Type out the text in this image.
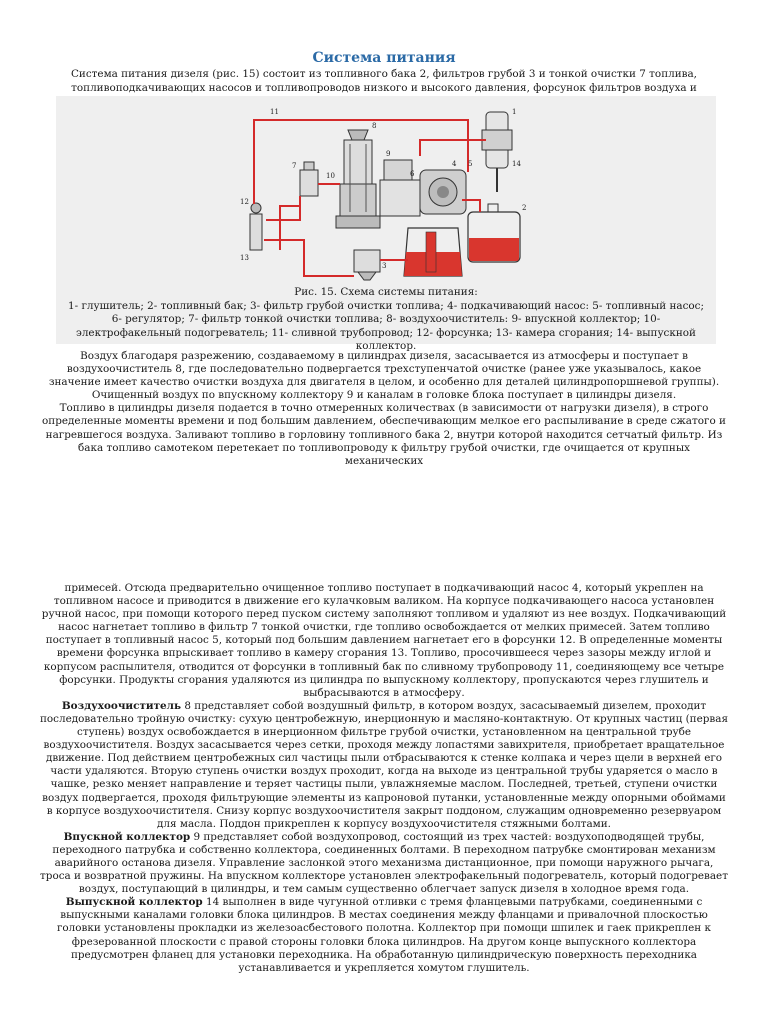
Система питания
Система питания дизеля (рис. 15) состоит из топливного бака 2, фильтров грубой 3 и тонкой очистки 7 топлива, топливоподкачивающих насосов и топливопроводов низкого и высокого давления, форсунок фильтров воздуха и
1
2
3
4 5
6
7
8
9
10
11
12
13
14
Рис. 15. Схема системы питания:
1- глушитель; 2- топливный бак; 3- фильтр грубой очистки топлива; 4- подкачивающий насос: 5- топливный насос; 6- регулятор; 7- фильтр тонкой очистки топлива; 8- воздухоочиститель: 9- впускной коллектор; 10- электрофакельный подогреватель; 11- сливной трубопровод; 12- форсунка; 13- камера сгорания; 14- выпускной коллектор.

Воздух благодаря разрежению, создаваемому в цилиндрах дизеля, засасывается из атмосферы и поступает в воздухоочиститель 8, где последовательно подвергается трехступенчатой очистке (ранее уже указывалось, какое значение имеет качество очистки воздуха для двигателя в целом, и особенно для деталей цилиндропоршневой группы). Очищенный воздух по впускному коллектору 9 и каналам в головке блока поступает в цилиндры дизеля.

Топливо в цилиндры дизеля подается в точно отмеренных количествах (в зависимости от нагрузки дизеля), в строго определенные моменты времени и под большим давлением, обеспечивающим мелкое его распыливание в среде сжатого и нагревшегося воздуха. Заливают топливо в горловину топливного бака 2, внутри которой находится сетчатый фильтр. Из бака топливо самотеком перетекает по топливопроводу к фильтру грубой очистки, где очищается от крупных механических

примесей. Отсюда предварительно очищенное топливо поступает в подкачивающий насос 4, который укреплен на топливном насосе и приводится в движение его кулачковым валиком. На корпусе подкачивающего насоса установлен ручной насос, при помощи которого перед пуском систему заполняют топливом и удаляют из нее воздух. Подкачивающий насос нагнетает топливо в фильтр 7 тонкой очистки, где топливо освобождается от мелких примесей. Затем топливо поступает в топливный насос 5, который под большим давлением нагнетает его в форсунки 12. В определенные моменты времени форсунка впрыскивает топливо в камеру сгорания 13. Топливо, просочившееся через зазоры между иглой и корпусом распылителя, отводится от форсунки в топливный бак по сливному трубопроводу 11, соединяющему все четыре форсунки. Продукты сгорания удаляются из цилиндра по выпускному коллектору, пропускаются через глушитель и выбрасываются в атмосферу.

Воздухоочиститель 8 представляет собой воздушный фильтр, в котором воздух, засасываемый дизелем, проходит последовательно тройную очистку: сухую центробежную, инерционную и масляно-контактную. От крупных частиц (первая ступень) воздух освобождается в инерционном фильтре грубой очистки, установленном на центральной трубе воздухоочистителя. Воздух засасывается через сетки, проходя между лопастями завихрителя, приобретает вращательное движение. Под действием центробежных сил частицы пыли отбрасываются к стенке колпака и через щели в верхней его части удаляются. Вторую ступень очистки воздух проходит, когда на выходе из центральной трубы ударяется о масло в чашке, резко меняет направление и теряет частицы пыли, увлажняемые маслом. Последней, третьей, ступени очистки воздух подвергается, проходя фильтрующие элементы из капроновой путанки, установленные между опорными обоймами в корпусе воздухоочистителя. Снизу корпус воздухоочистителя закрыт поддоном, служащим одновременно резервуаром для масла. Поддон прикреплен к корпусу воздухоочистителя стяжными болтами.

Впускной коллектор 9 представляет собой воздухопровод, состоящий из трех частей: воздухоподводящей трубы, переходного патрубка и собственно коллектора, соединенных болтами. В переходном патрубке смонтирован механизм аварийного останова дизеля. Управление заслонкой этого механизма дистанционное, при помощи наружного рычага, троса и возвратной пружины. На впускном коллекторе установлен электрофакельный подогреватель, который подогревает воздух, поступающий в цилиндры, и тем самым существенно облегчает запуск дизеля в холодное время года.

Выпускной коллектор 14 выполнен в виде чугунной отливки с тремя фланцевыми патрубками, соединенными с выпускными каналами головки блока цилиндров. В местах соединения между фланцами и привалочной плоскостью головки установлены прокладки из железоасбестового полотна. Коллектор при помощи шпилек и гаек прикреплен к фрезерованной плоскости с правой стороны головки блока цилиндров. На другом конце выпускного коллектора предусмотрен фланец для установки переходника. На обработанную цилиндрическую поверхность переходника устанавливается и укрепляется хомутом глушитель.
